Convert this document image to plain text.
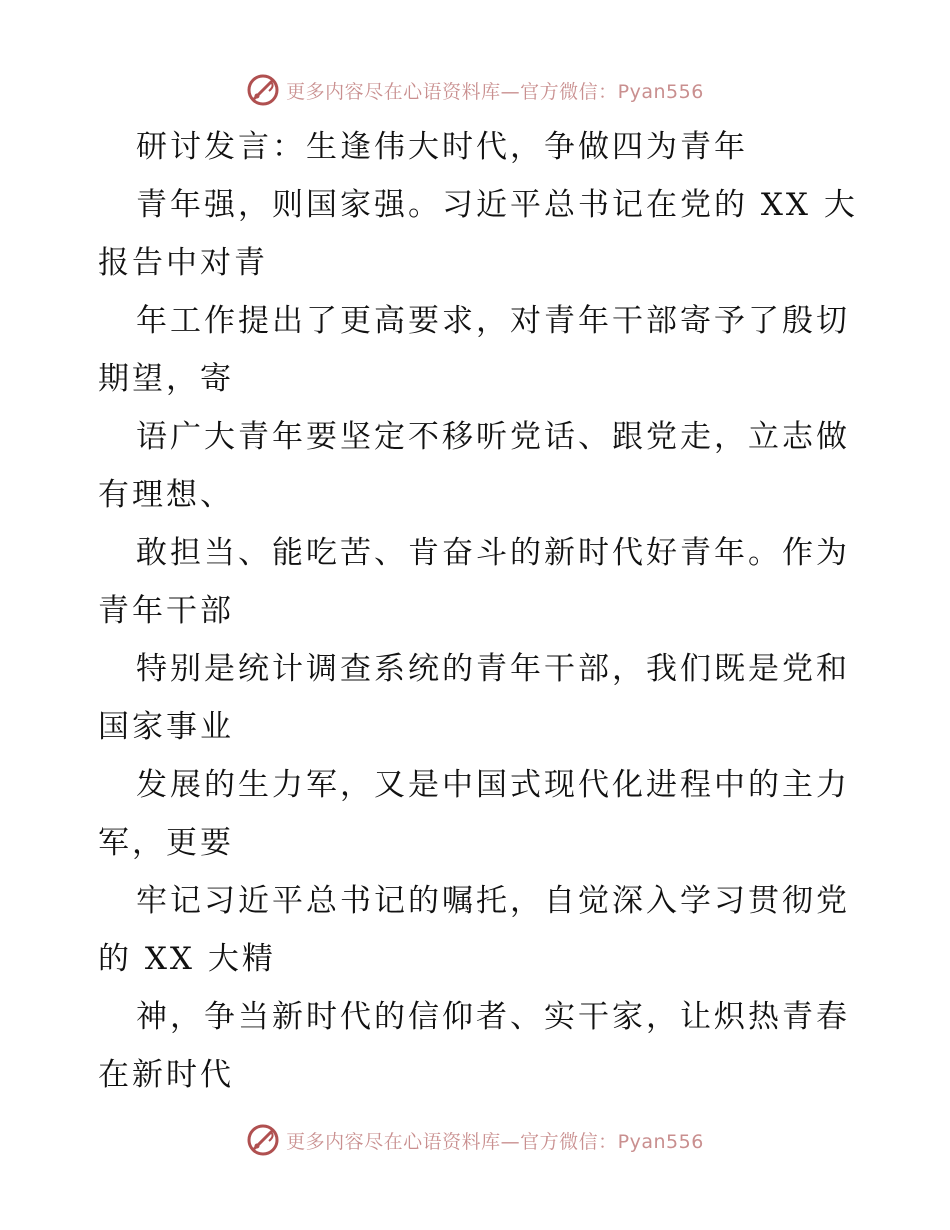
更多内容尽在心语资料库—官方微信：Pyan556
研讨发言：生逢伟大时代，争做四为青年
青年强，则国家强。习近平总书记在党的 XX 大
报告中对青
年工作提出了更高要求，对青年干部寄予了殷切
期望，寄
语广大青年要坚定不移听党话、跟党走，立志做
有理想、
敢担当、能吃苦、肯奋斗的新时代好青年。作为
青年干部
特别是统计调查系统的青年干部，我们既是党和
国家事业
发展的生力军，又是中国式现代化进程中的主力
军，更要
牢记习近平总书记的嘱托，自觉深入学习贯彻党
的 XX 大精
神，争当新时代的信仰者、实干家，让炽热青春
在新时代
更多内容尽在心语资料库—官方微信：Pyan556
